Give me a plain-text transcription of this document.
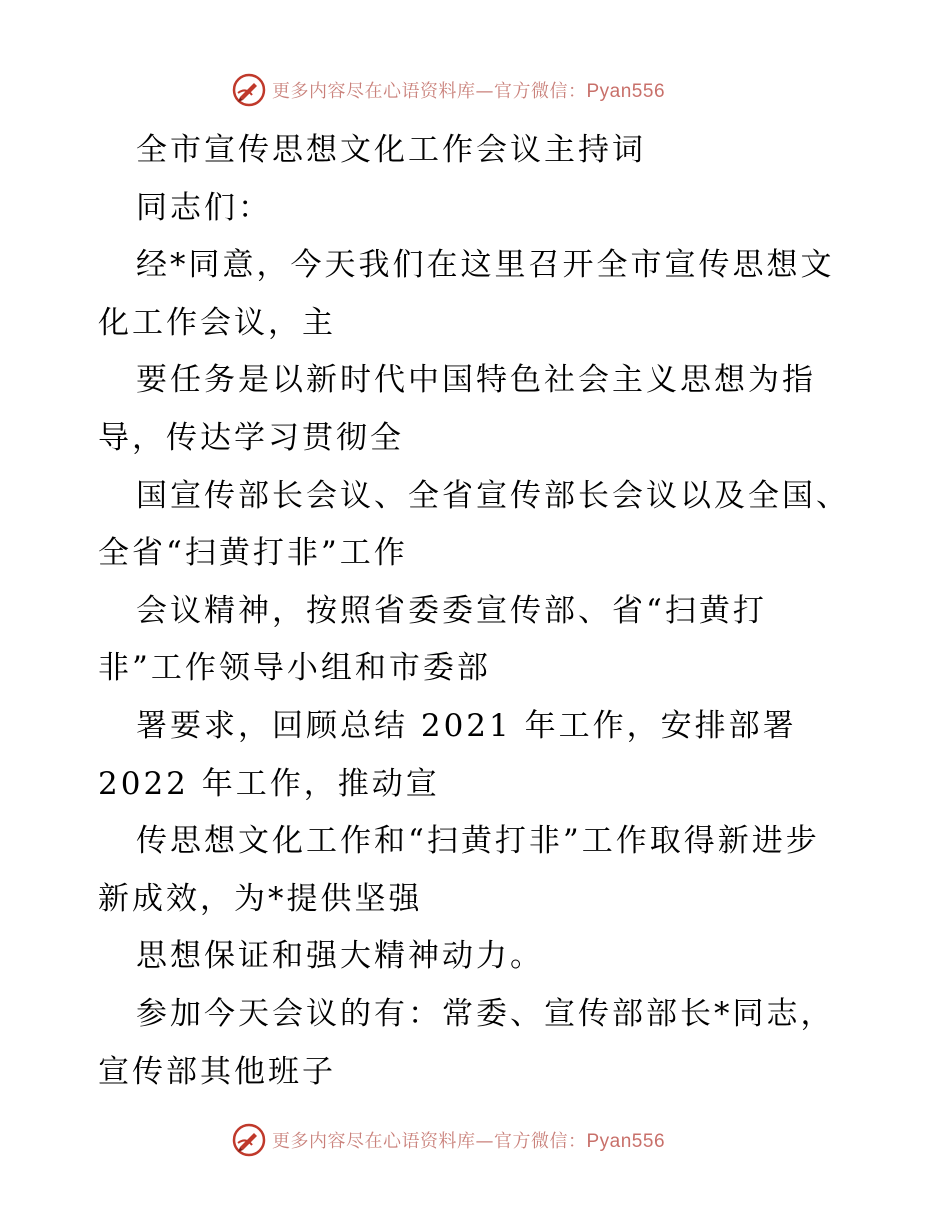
更多内容尽在心语资料库—官方微信：Pyan556
全市宣传思想文化工作会议主持词
同志们：
经*同意，今天我们在这里召开全市宣传思想文
化工作会议，主
要任务是以新时代中国特色社会主义思想为指
导，传达学习贯彻全
国宣传部长会议、全省宣传部长会议以及全国、
全省“扫黄打非”工作
会议精神，按照省委委宣传部、省“扫黄打
非”工作领导小组和市委部
署要求，回顾总结 2021 年工作，安排部署
2022 年工作，推动宣
传思想文化工作和“扫黄打非”工作取得新进步
新成效，为*提供坚强
思想保证和强大精神动力。
参加今天会议的有：常委、宣传部部长*同志，
宣传部其他班子
更多内容尽在心语资料库—官方微信：Pyan556
